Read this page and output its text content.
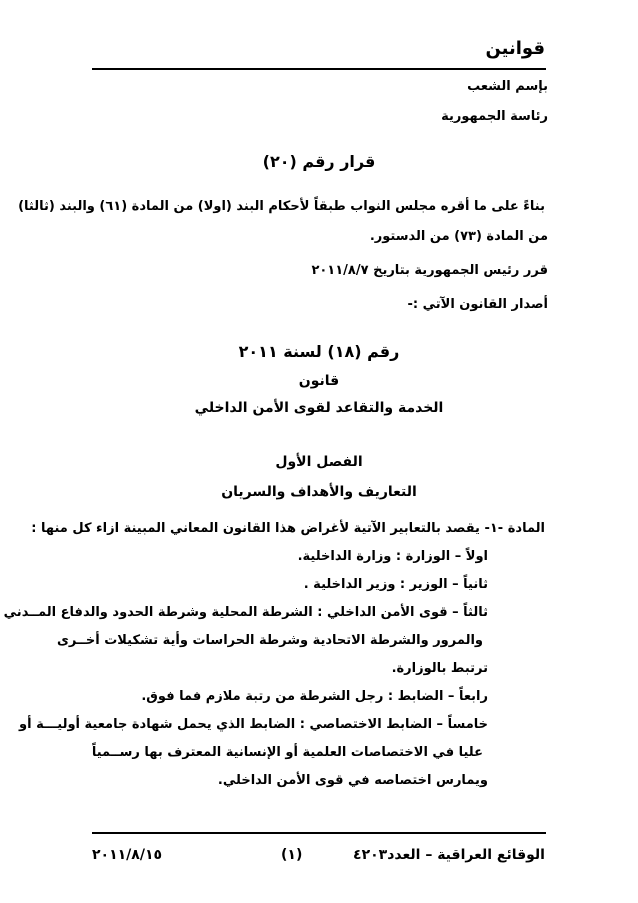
قوانين
بإسم الشعب
رئاسة الجمهورية
قرار رقم (٢٠)
بناءً على ما أقره مجلس النواب طبقاً لأحكام البند (اولا) من المادة (٦١) والبند (ثالثا)
من المادة (٧٣) من الدستور.
قرر رئيس الجمهورية بتاريخ ٢٠١١/٨/٧
أصدار القانون الآتي :-
رقم (١٨) لسنة ٢٠١١
قانون
الخدمة والتقاعد لقوى الأمن الداخلي
الفصل الأول
التعاريف والأهداف والسريان
المادة -١- يقصد بالتعابير الآتية لأغراض هذا القانون المعاني المبينة ازاء كل منها :
اولاً – الوزارة : وزارة الداخلية.
ثانياً – الوزير : وزير الداخلية .
ثالثاً – قوى الأمن الداخلي : الشرطة المحلية وشرطة الحدود والدفاع المــدني
والمرور والشرطة الاتحادية وشرطة الحراسات وأية تشكيلات أخــرى
ترتبط بالوزارة.
رابعاً – الضابط : رجل الشرطة من رتبة ملازم فما فوق.
خامساً – الضابط الاختصاصي : الضابط الذي يحمل شهادة جامعية أوليـــة أو
عليا في الاختصاصات العلمية أو الإنسانية المعترف بها رســمياً
ويمارس اختصاصه في قوى الأمن الداخلي.
الوقائع العراقية – العدد٤٢٠٣
(١)
٢٠١١/٨/١٥
